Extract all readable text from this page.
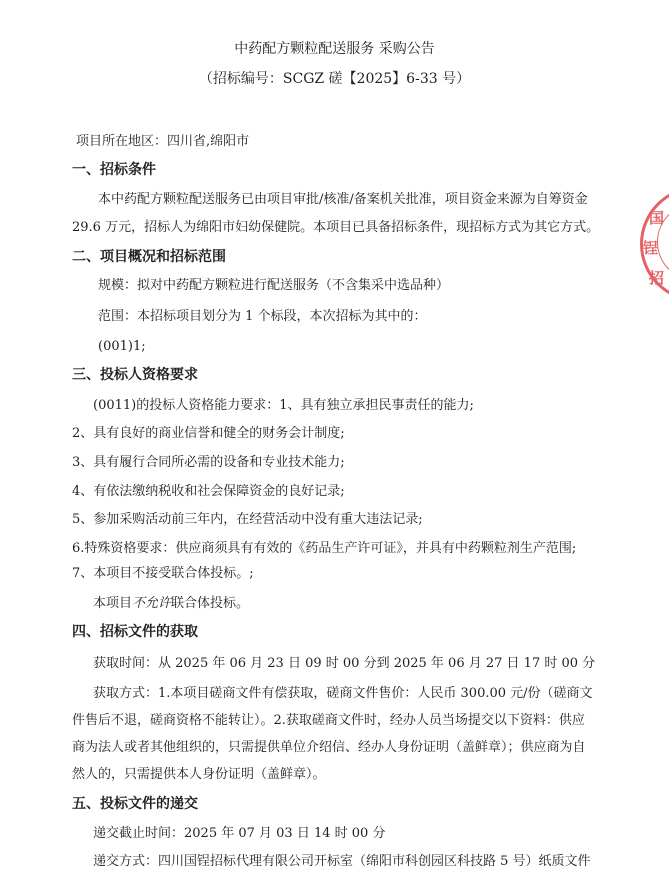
中药配方颗粒配送服务 采购公告
（招标编号：SCGZ 磋【2025】6-33 号）
项目所在地区：四川省,绵阳市
一、招标条件
本中药配方颗粒配送服务已由项目审批/核准/备案机关批准，项目资金来源为自筹资金
29.6 万元，招标人为绵阳市妇幼保健院。本项目已具备招标条件，现招标方式为其它方式。
二、项目概况和招标范围
规模：拟对中药配方颗粒进行配送服务（不含集采中选品种）
范围：本招标项目划分为 1 个标段，本次招标为其中的：
(001)1;
三、投标人资格要求
(0011)的投标人资格能力要求：1、具有独立承担民事责任的能力;
2、具有良好的商业信誉和健全的财务会计制度;
3、具有履行合同所必需的设备和专业技术能力;
4、有依法缴纳税收和社会保障资金的良好记录;
5、参加采购活动前三年内，在经营活动中没有重大违法记录;
6.特殊资格要求：供应商须具有有效的《药品生产许可证》，并具有中药颗粒剂生产范围;
7、本项目不接受联合体投标。;
本项目不允许联合体投标。
四、招标文件的获取
获取时间：从 2025 年 06 月 23 日 09 时 00 分到 2025 年 06 月 27 日 17 时 00 分
获取方式：1.本项目磋商文件有偿获取，磋商文件售价：人民币 300.00 元/份（磋商文
件售后不退，磋商资格不能转让）。2.获取磋商文件时，经办人员当场提交以下资料：供应
商为法人或者其他组织的，只需提供单位介绍信、经办人身份证明（盖鲜章）；供应商为自
然人的，只需提供本人身份证明（盖鲜章）。
五、投标文件的递交
递交截止时间：2025 年 07 月 03 日 14 时 00 分
递交方式：四川国锃招标代理有限公司开标室（绵阳市科创园区科技路 5 号）纸质文件
国
锃
招
